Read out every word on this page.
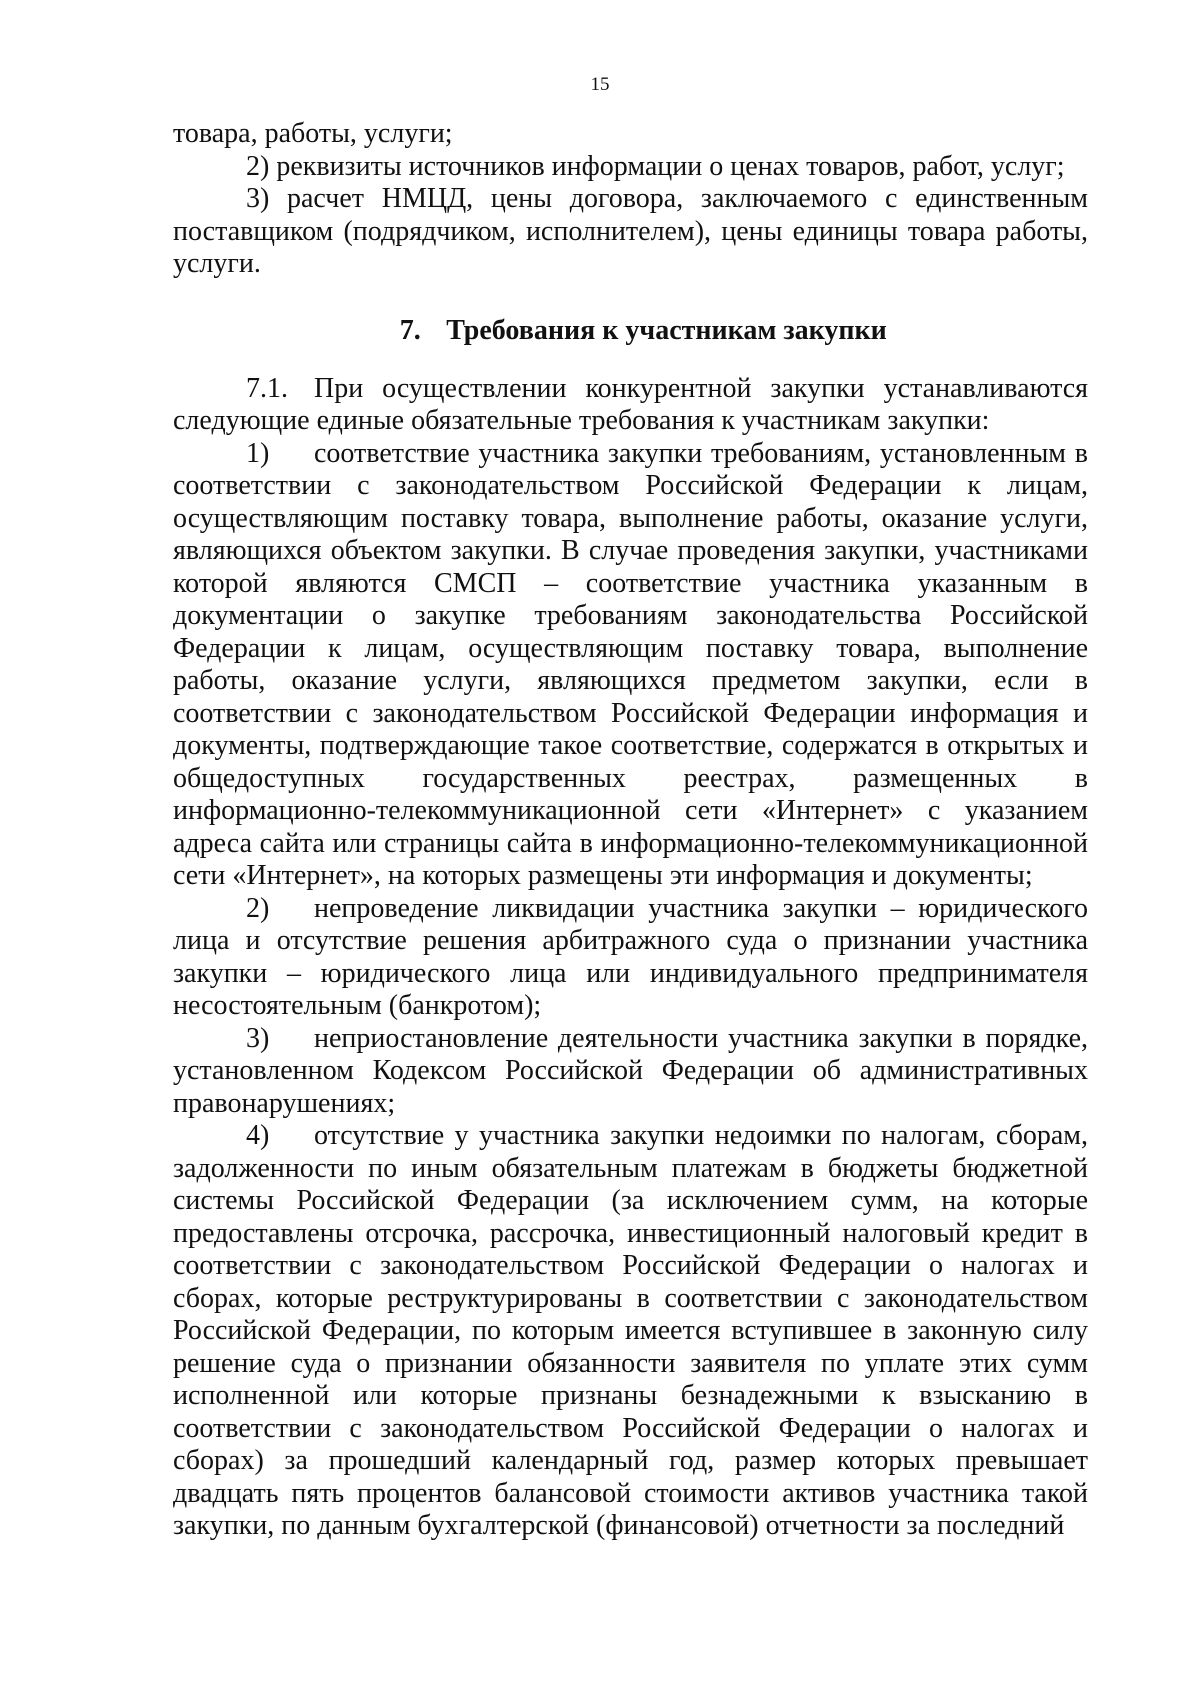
15

товара, работы, услуги;

2) реквизиты источников информации о ценах товаров, работ, услуг;

3) расчет НМЦД, цены договора, заключаемого с единственным поставщиком (подрядчиком, исполнителем), цены единицы товара работы, услуги.

7. Требования к участникам закупки

7.1. При осуществлении конкурентной закупки устанавливаются следующие единые обязательные требования к участникам закупки:

1) соответствие участника закупки требованиям, установленным в соответствии с законодательством Российской Федерации к лицам, осуществляющим поставку товара, выполнение работы, оказание услуги, являющихся объектом закупки. В случае проведения закупки, участниками которой являются СМСП – соответствие участника указанным в документации о закупке требованиям законодательства Российской Федерации к лицам, осуществляющим поставку товара, выполнение работы, оказание услуги, являющихся предметом закупки, если в соответствии с законодательством Российской Федерации информация и документы, подтверждающие такое соответствие, содержатся в открытых и общедоступных государственных реестрах, размещенных в информационно-телекоммуникационной сети «Интернет» с указанием адреса сайта или страницы сайта в информационно-телекоммуникационной сети «Интернет», на которых размещены эти информация и документы;

2) непроведение ликвидации участника закупки – юридического лица и отсутствие решения арбитражного суда о признании участника закупки – юридического лица или индивидуального предпринимателя несостоятельным (банкротом);

3) неприостановление деятельности участника закупки в порядке, установленном Кодексом Российской Федерации об административных правонарушениях;

4) отсутствие у участника закупки недоимки по налогам, сборам, задолженности по иным обязательным платежам в бюджеты бюджетной системы Российской Федерации (за исключением сумм, на которые предоставлены отсрочка, рассрочка, инвестиционный налоговый кредит в соответствии с законодательством Российской Федерации о налогах и сборах, которые реструктурированы в соответствии с законодательством Российской Федерации, по которым имеется вступившее в законную силу решение суда о признании обязанности заявителя по уплате этих сумм исполненной или которые признаны безнадежными к взысканию в соответствии с законодательством Российской Федерации о налогах и сборах) за прошедший календарный год, размер которых превышает двадцать пять процентов балансовой стоимости активов участника такой закупки, по данным бухгалтерской (финансовой) отчетности за последний
